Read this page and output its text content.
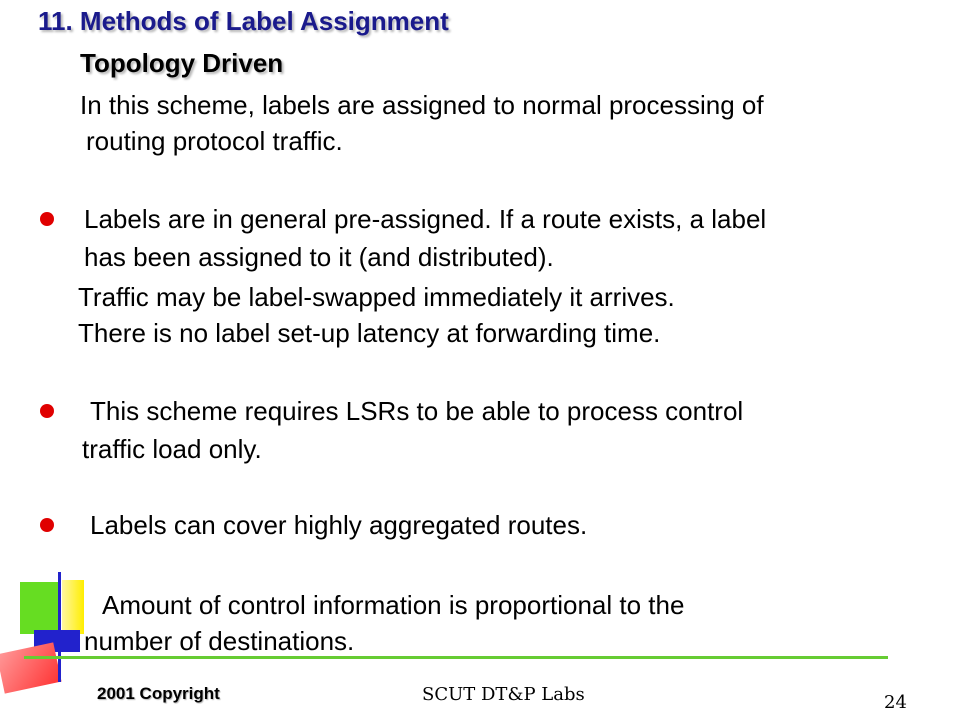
11. Methods of Label Assignment
Topology Driven
In this scheme, labels are assigned to normal processing of
routing protocol traffic.
Labels are in general pre-assigned. If a route exists, a label
has been assigned to it (and distributed).
Traffic may be label-swapped immediately it arrives.
There is no label set-up latency at forwarding time.
This scheme requires LSRs to be able to process control
traffic load only.
Labels can cover highly aggregated routes.
Amount of control information is proportional to the
number of destinations.
2001 Copyright	SCUT DT&P Labs	24
